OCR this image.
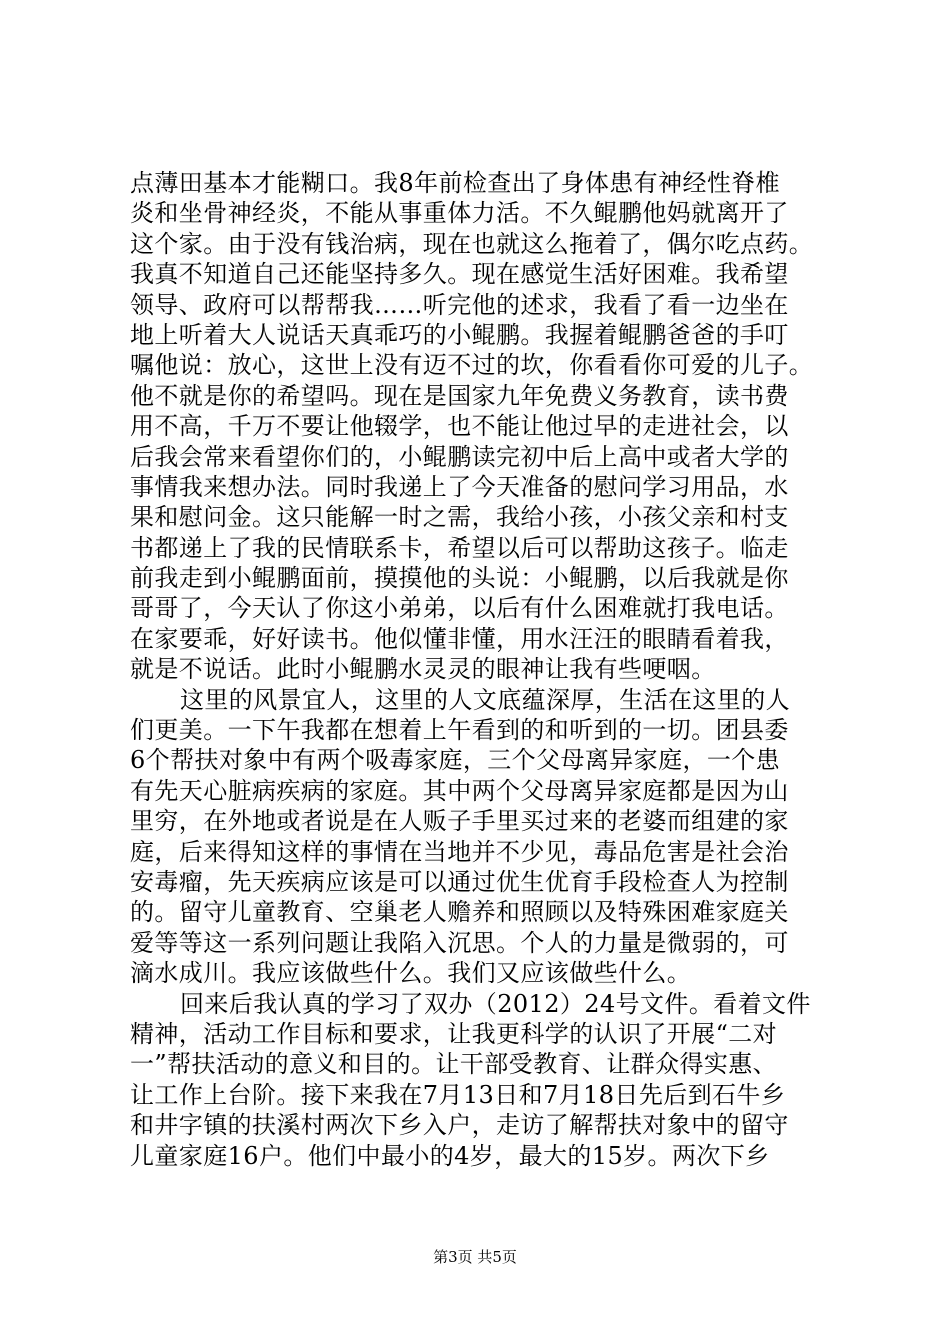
点薄田基本才能糊口。我8年前检查出了身体患有神经性脊椎
炎和坐骨神经炎，不能从事重体力活。不久鲲鹏他妈就离开了
这个家。由于没有钱治病，现在也就这么拖着了，偶尔吃点药。
我真不知道自己还能坚持多久。现在感觉生活好困难。我希望
领导、政府可以帮帮我……听完他的述求，我看了看一边坐在
地上听着大人说话天真乖巧的小鲲鹏。我握着鲲鹏爸爸的手叮
嘱他说：放心，这世上没有迈不过的坎，你看看你可爱的儿子。
他不就是你的希望吗。现在是国家九年免费义务教育，读书费
用不高，千万不要让他辍学，也不能让他过早的走进社会，以
后我会常来看望你们的，小鲲鹏读完初中后上高中或者大学的
事情我来想办法。同时我递上了今天准备的慰问学习用品，水
果和慰问金。这只能解一时之需，我给小孩，小孩父亲和村支
书都递上了我的民情联系卡，希望以后可以帮助这孩子。临走
前我走到小鲲鹏面前，摸摸他的头说：小鲲鹏，以后我就是你
哥哥了，今天认了你这小弟弟，以后有什么困难就打我电话。
在家要乖，好好读书。他似懂非懂，用水汪汪的眼睛看着我，
就是不说话。此时小鲲鹏水灵灵的眼神让我有些哽咽。
这里的风景宜人，这里的人文底蕴深厚，生活在这里的人
们更美。一下午我都在想着上午看到的和听到的一切。团县委
6个帮扶对象中有两个吸毒家庭，三个父母离异家庭，一个患
有先天心脏病疾病的家庭。其中两个父母离异家庭都是因为山
里穷，在外地或者说是在人贩子手里买过来的老婆而组建的家
庭，后来得知这样的事情在当地并不少见，毒品危害是社会治
安毒瘤，先天疾病应该是可以通过优生优育手段检查人为控制
的。留守儿童教育、空巢老人赡养和照顾以及特殊困难家庭关
爱等等这一系列问题让我陷入沉思。个人的力量是微弱的，可
滴水成川。我应该做些什么。我们又应该做些什么。
回来后我认真的学习了双办（2012）24号文件。看着文件
精神，活动工作目标和要求，让我更科学的认识了开展“二对
一”帮扶活动的意义和目的。让干部受教育、让群众得实惠、
让工作上台阶。接下来我在7月13日和7月18日先后到石牛乡
和井字镇的扶溪村两次下乡入户，走访了解帮扶对象中的留守
儿童家庭16户。他们中最小的4岁，最大的15岁。两次下乡
第3页 共5页
